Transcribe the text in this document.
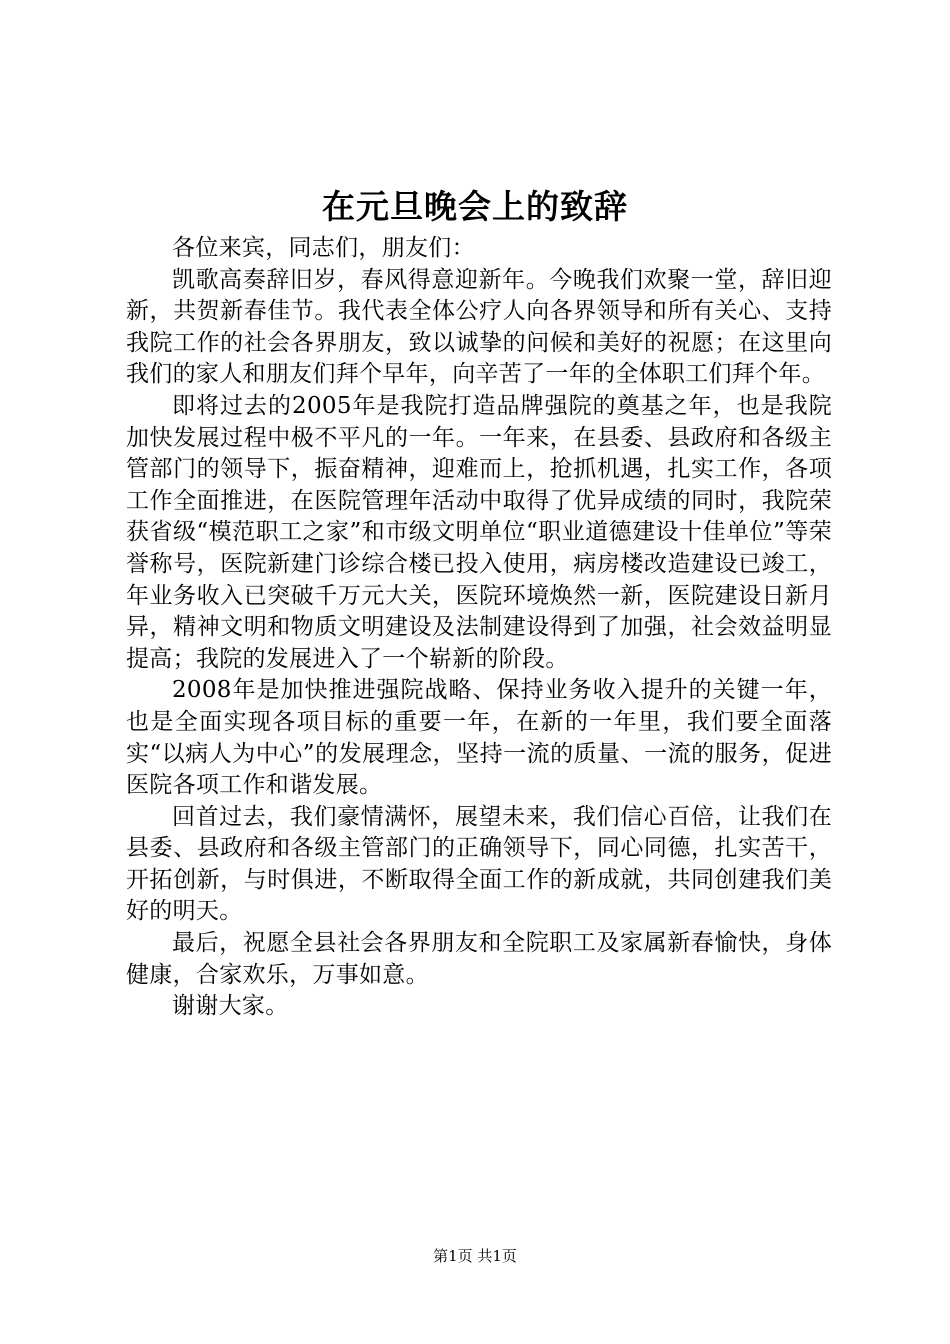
在元旦晚会上的致辞

各位来宾，同志们，朋友们：

凯歌高奏辞旧岁，春风得意迎新年。今晚我们欢聚一堂，辞旧迎新，共贺新春佳节。我代表全体公疗人向各界领导和所有关心、支持我院工作的社会各界朋友，致以诚挚的问候和美好的祝愿；在这里向我们的家人和朋友们拜个早年，向辛苦了一年的全体职工们拜个年。

即将过去的2005年是我院打造品牌强院的奠基之年，也是我院加快发展过程中极不平凡的一年。一年来，在县委、县政府和各级主管部门的领导下，振奋精神，迎难而上，抢抓机遇，扎实工作，各项工作全面推进，在医院管理年活动中取得了优异成绩的同时，我院荣获省级“模范职工之家”和市级文明单位“职业道德建设十佳单位”等荣誉称号，医院新建门诊综合楼已投入使用，病房楼改造建设已竣工，年业务收入已突破千万元大关，医院环境焕然一新，医院建设日新月异，精神文明和物质文明建设及法制建设得到了加强，社会效益明显提高；我院的发展进入了一个崭新的阶段。

2008年是加快推进强院战略、保持业务收入提升的关键一年，也是全面实现各项目标的重要一年，在新的一年里，我们要全面落实“以病人为中心”的发展理念，坚持一流的质量、一流的服务，促进医院各项工作和谐发展。

回首过去，我们豪情满怀，展望未来，我们信心百倍，让我们在县委、县政府和各级主管部门的正确领导下，同心同德，扎实苦干，开拓创新，与时俱进，不断取得全面工作的新成就，共同创建我们美好的明天。

最后，祝愿全县社会各界朋友和全院职工及家属新春愉快，身体健康，合家欢乐，万事如意。

谢谢大家。

第1页 共1页
